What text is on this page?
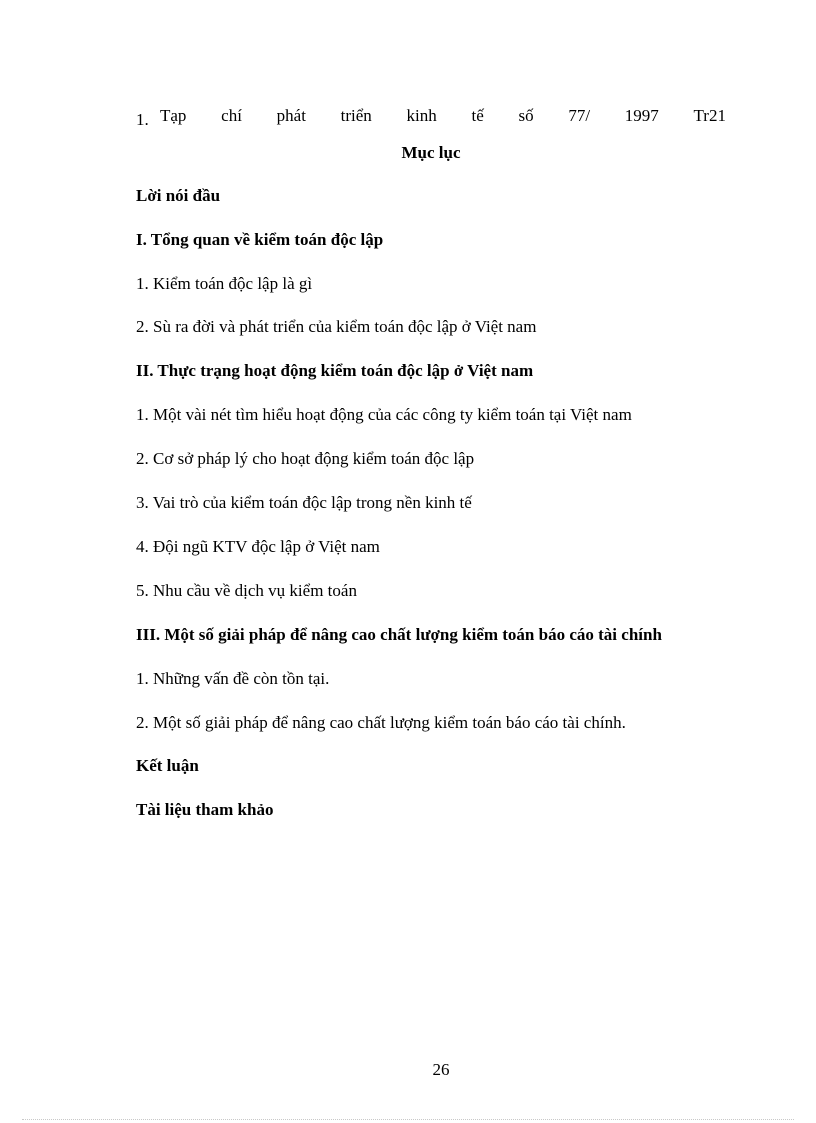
1. Tạp chí phát triển kinh tế số 77/ 1997 Tr21
Mục lục
Lời nói đầu
I. Tổng quan về kiểm toán độc lập
1. Kiểm toán độc lập là gì
2. Sù ra đời và phát triển của kiểm toán độc lập ở Việt nam
II. Thực trạng hoạt động kiểm toán độc lập ở Việt nam
1. Một vài nét tìm hiểu hoạt động của các công ty kiểm toán tại Việt nam
2. Cơ sở pháp lý cho hoạt động kiểm toán độc lập
3. Vai trò của kiểm toán độc lập trong nền kinh tế
4. Đội ngũ KTV độc lập ở Việt nam
5. Nhu cầu về dịch vụ kiểm toán
III. Một số giải pháp để nâng cao chất lượng kiểm toán báo cáo tài chính
1. Những vấn đề còn tồn tại.
2. Một số giải pháp để nâng cao chất lượng kiểm toán báo cáo tài chính.
Kết luận
Tài liệu tham khảo
26
